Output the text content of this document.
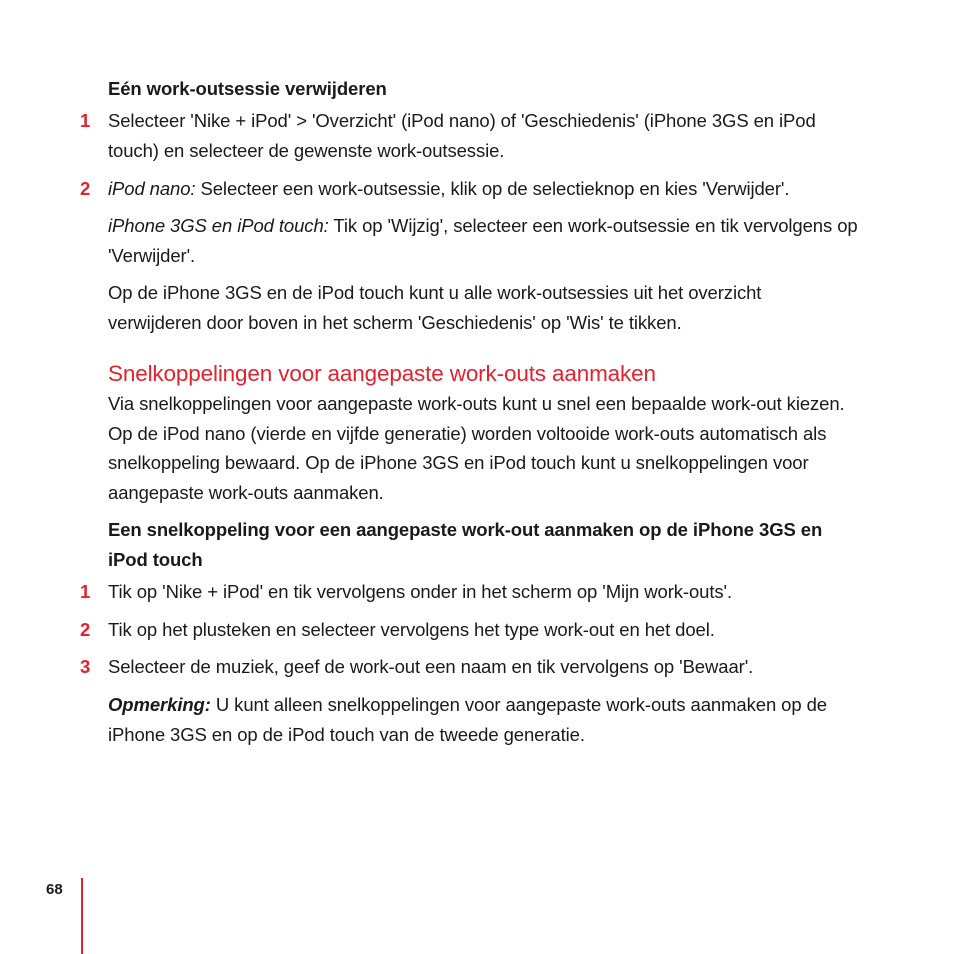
Eén work-outsessie verwijderen
1 Selecteer 'Nike + iPod' > 'Overzicht' (iPod nano) of 'Geschiedenis' (iPhone 3GS en iPod touch) en selecteer de gewenste work-outsessie.
2 iPod nano: Selecteer een work-outsessie, klik op de selectieknop en kies 'Verwijder'.
iPhone 3GS en iPod touch: Tik op 'Wijzig', selecteer een work-outsessie en tik vervolgens op 'Verwijder'.
Op de iPhone 3GS en de iPod touch kunt u alle work-outsessies uit het overzicht verwijderen door boven in het scherm 'Geschiedenis' op 'Wis' te tikken.
Snelkoppelingen voor aangepaste work-outs aanmaken
Via snelkoppelingen voor aangepaste work-outs kunt u snel een bepaalde work-out kiezen. Op de iPod nano (vierde en vijfde generatie) worden voltooide work-outs automatisch als snelkoppeling bewaard. Op de iPhone 3GS en iPod touch kunt u snelkoppelingen voor aangepaste work-outs aanmaken.
Een snelkoppeling voor een aangepaste work-out aanmaken op de iPhone 3GS en iPod touch
1 Tik op 'Nike + iPod' en tik vervolgens onder in het scherm op 'Mijn work-outs'.
2 Tik op het plusteken en selecteer vervolgens het type work-out en het doel.
3 Selecteer de muziek, geef de work-out een naam en tik vervolgens op 'Bewaar'.
Opmerking: U kunt alleen snelkoppelingen voor aangepaste work-outs aanmaken op de iPhone 3GS en op de iPod touch van de tweede generatie.
68
